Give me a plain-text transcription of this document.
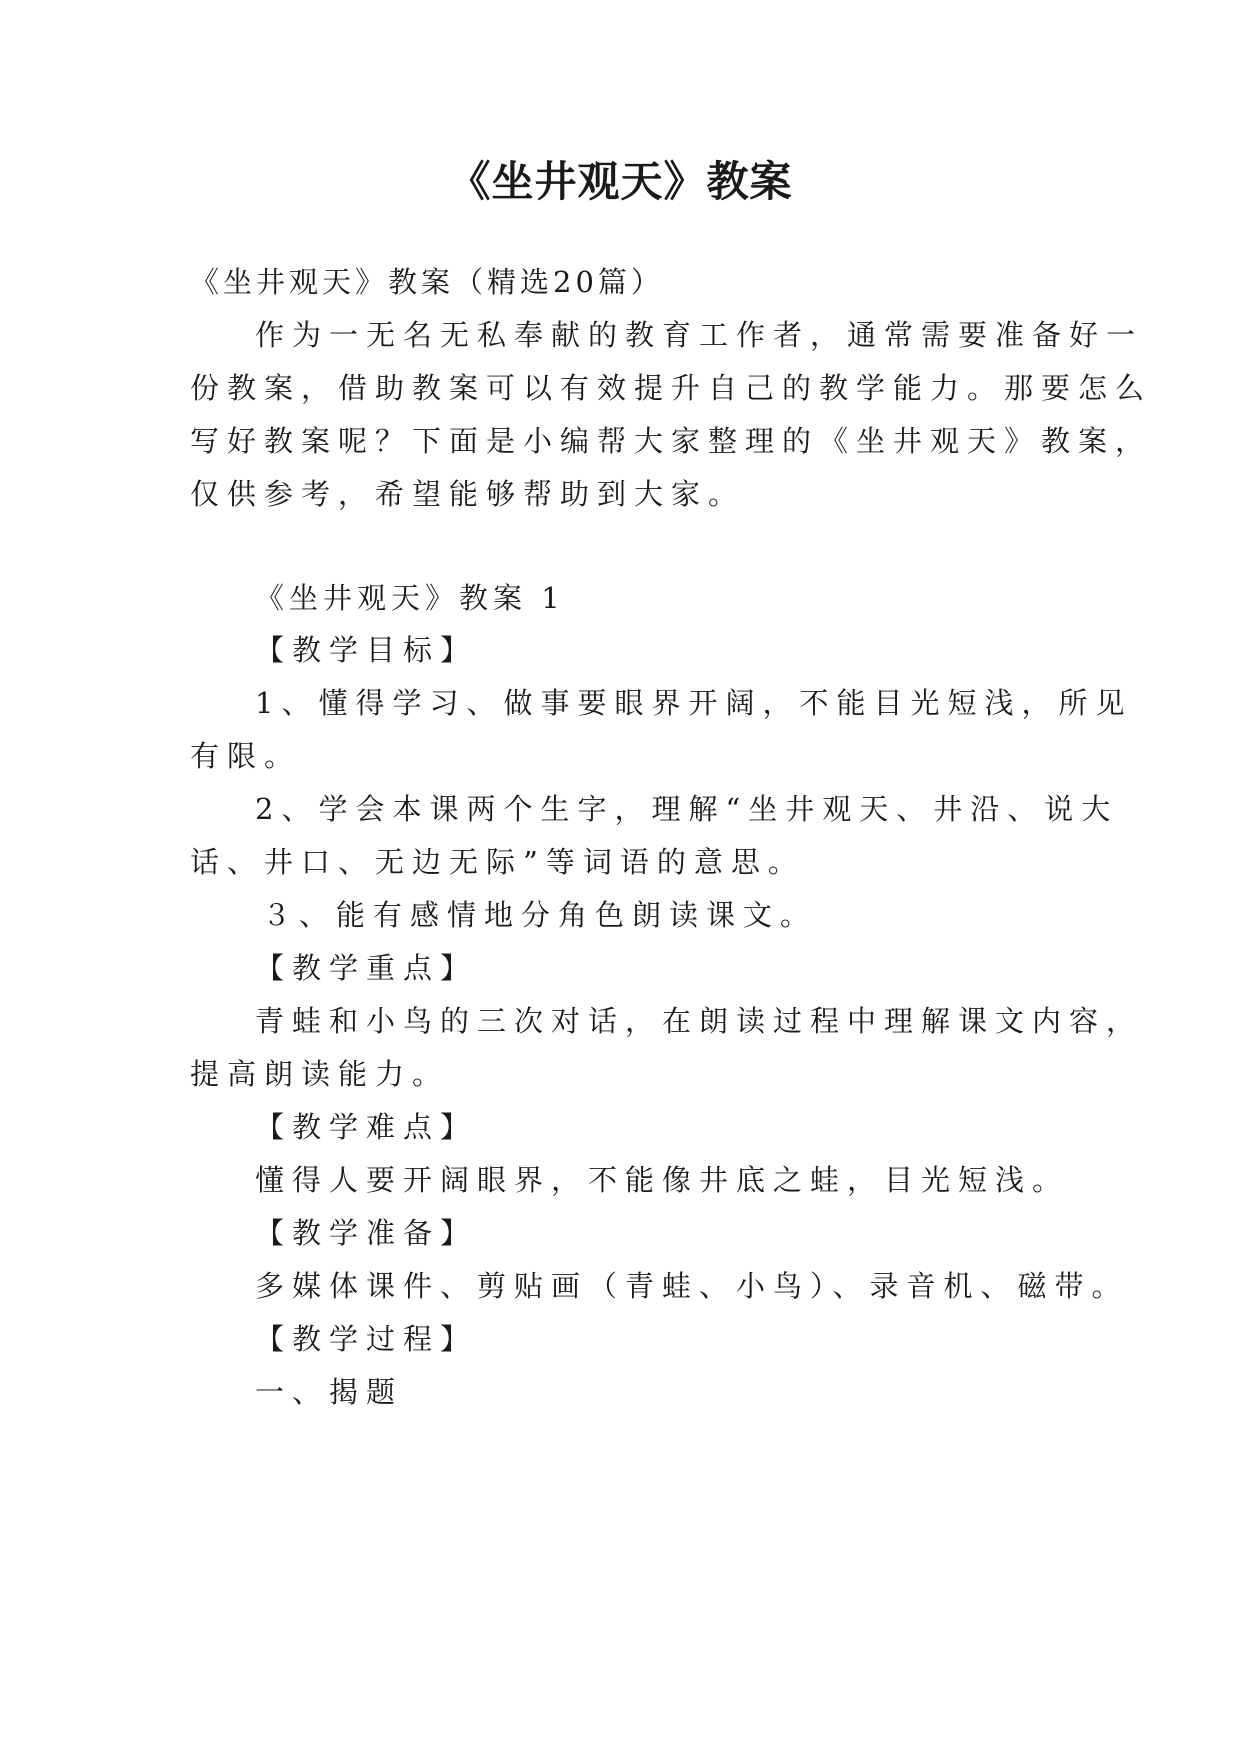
《坐井观天》教案
《坐井观天》教案（精选20篇）
作为一无名无私奉献的教育工作者，通常需要准备好一
份教案，借助教案可以有效提升自己的教学能力。那要怎么
写好教案呢？下面是小编帮大家整理的《坐井观天》教案，
仅供参考，希望能够帮助到大家。
《坐井观天》教案 1
【教学目标】
1、懂得学习、做事要眼界开阔，不能目光短浅，所见
有限。
2、学会本课两个生字，理解“坐井观天、井沿、说大
话、井口、无边无际”等词语的意思。
３、能有感情地分角色朗读课文。
【教学重点】
青蛙和小鸟的三次对话，在朗读过程中理解课文内容，
提高朗读能力。
【教学难点】
懂得人要开阔眼界，不能像井底之蛙，目光短浅。
【教学准备】
多媒体课件、剪贴画（青蛙、小鸟）、录音机、磁带。
【教学过程】
一、揭题
